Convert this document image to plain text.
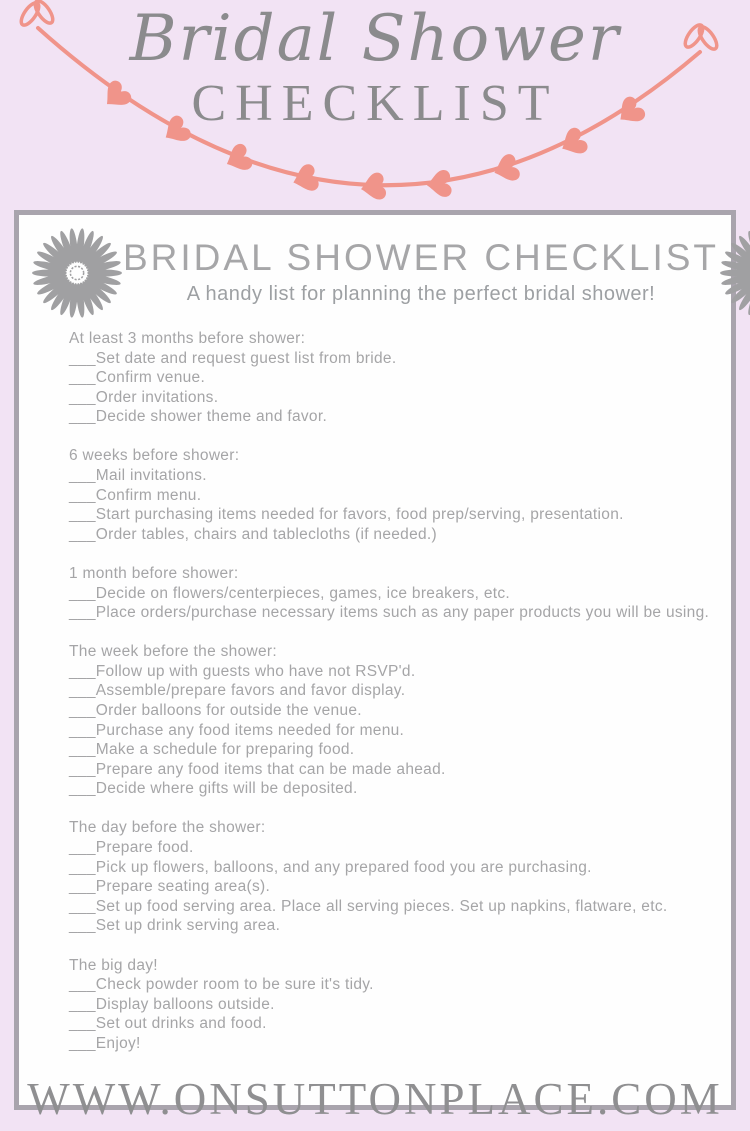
Bridal Shower
CHECKLIST
BRIDAL SHOWER CHECKLIST
A handy list for planning the perfect bridal shower!
At least 3 months before shower:
___Set date and request guest list from bride.
___Confirm venue.
___Order invitations.
___Decide shower theme and favor.
6 weeks before shower:
___Mail invitations.
___Confirm menu.
___Start purchasing items needed for favors, food prep/serving, presentation.
___Order tables, chairs and tablecloths (if needed.)
1 month before shower:
___Decide on flowers/centerpieces, games, ice breakers, etc.
___Place orders/purchase necessary items such as any paper products you will be using.
The week before the shower:
___Follow up with guests who have not RSVP'd.
___Assemble/prepare favors and favor display.
___Order balloons for outside the venue.
___Purchase any food items needed for menu.
___Make a schedule for preparing food.
___Prepare any food items that can be made ahead.
___Decide where gifts will be deposited.
The day before the shower:
___Prepare food.
___Pick up flowers, balloons, and any prepared food you are purchasing.
___Prepare seating area(s).
___Set up food serving area. Place all serving pieces. Set up napkins, flatware, etc.
___Set up drink serving area.
The big day!
___Check powder room to be sure it's tidy.
___Display balloons outside.
___Set out drinks and food.
___Enjoy!
WWW.ONSUTTONPLACE.COM
